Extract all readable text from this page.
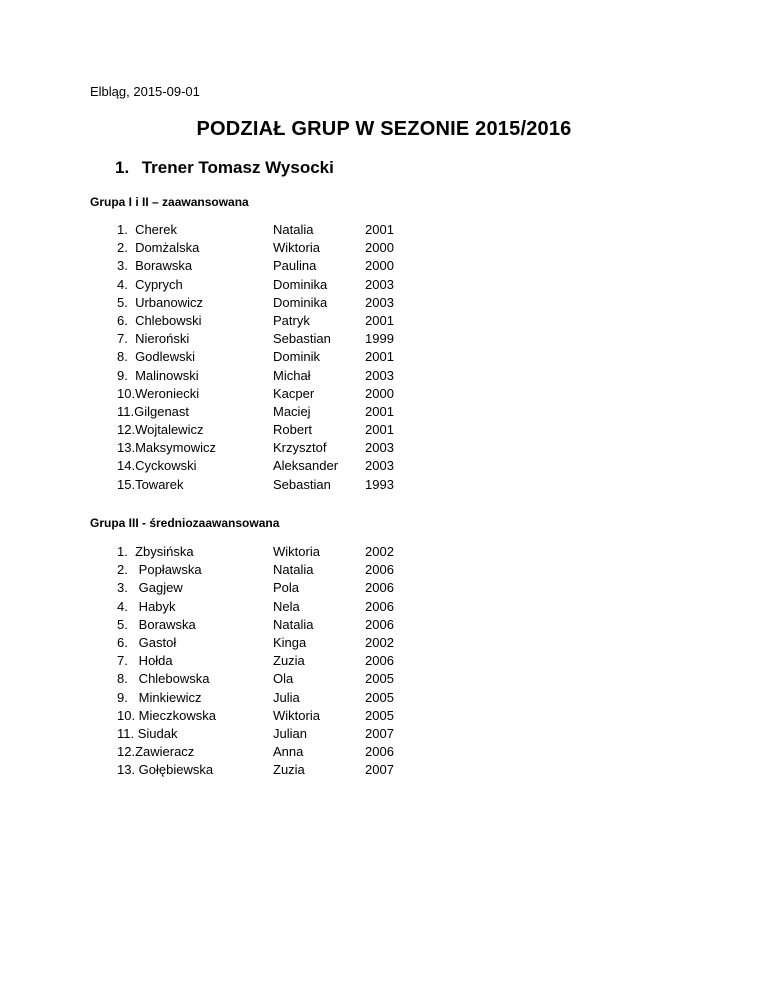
Elbląg, 2015-09-01
PODZIAŁ GRUP W SEZONIE 2015/2016
1. Trener Tomasz Wysocki
Grupa I i II – zaawansowana
1.  Cherek	Natalia	2001
2.  Domżalska	Wiktoria	2000
3.  Borawska	Paulina	2000
4.  Cyprych	Dominika	2003
5.  Urbanowicz	Dominika	2003
6.  Chlebowski	Patryk	2001
7.  Nieroński	Sebastian	1999
8.  Godlewski	Dominik	2001
9.  Malinowski	Michał	2003
10.Weroniecki	Kacper	2000
11.Gilgenast	Maciej	2001
12.Wojtalewicz	Robert	2001
13.Maksymowicz	Krzysztof	2003
14.Cyckowski	Aleksander 2003
15.Towarek	Sebastian	1993
Grupa III - średniozaawansowana
1.  Zbysińska	Wiktoria	2002
2.   Popławska	Natalia	2006
3.   Gagjew	Pola	2006
4.   Habyk	Nela	2006
5.   Borawska	Natalia	2006
6.   Gastoł	Kinga	2002
7.   Hołda	Zuzia	2006
8.   Chlebowska	Ola	2005
9.   Minkiewicz	Julia	2005
10. Mieczkowska	Wiktoria	2005
11. Siudak	Julian	2007
12.Zawieracz	Anna	2006
13. Gołębiewska	Zuzia	2007
